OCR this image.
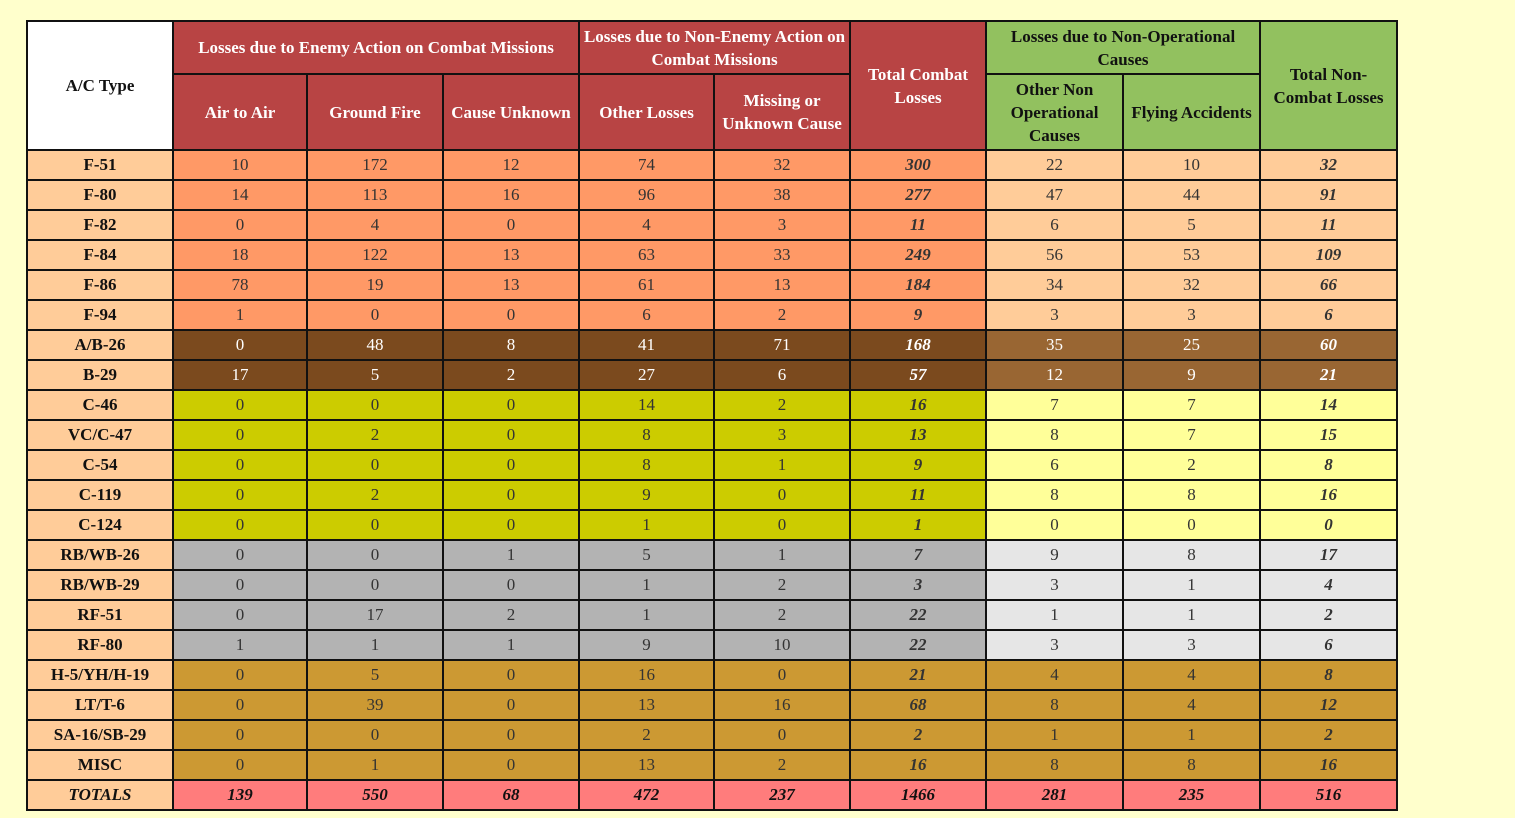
A/C Type	Losses due to Enemy Action on Combat Missions			Losses due to Non-Enemy Action on Combat Missions		Total Combat Losses	Losses due to Non-Operational Causes		Total Non-Combat Losses
	Air to Air	Ground Fire	Cause Unknown	Other Losses	Missing or Unknown Cause		Other Non Operational Causes	Flying Accidents	
F-51	10	172	12	74	32	300	22	10	32
F-80	14	113	16	96	38	277	47	44	91
F-82	0	4	0	4	3	11	6	5	11
F-84	18	122	13	63	33	249	56	53	109
F-86	78	19	13	61	13	184	34	32	66
F-94	1	0	0	6	2	9	3	3	6
A/B-26	0	48	8	41	71	168	35	25	60
B-29	17	5	2	27	6	57	12	9	21
C-46	0	0	0	14	2	16	7	7	14
VC/C-47	0	2	0	8	3	13	8	7	15
C-54	0	0	0	8	1	9	6	2	8
C-119	0	2	0	9	0	11	8	8	16
C-124	0	0	0	1	0	1	0	0	0
RB/WB-26	0	0	1	5	1	7	9	8	17
RB/WB-29	0	0	0	1	2	3	3	1	4
RF-51	0	17	2	1	2	22	1	1	2
RF-80	1	1	1	9	10	22	3	3	6
H-5/YH/H-19	0	5	0	16	0	21	4	4	8
LT/T-6	0	39	0	13	16	68	8	4	12
SA-16/SB-29	0	0	0	2	0	2	1	1	2
MISC	0	1	0	13	2	16	8	8	16
TOTALS	139	550	68	472	237	1466	281	235	516
